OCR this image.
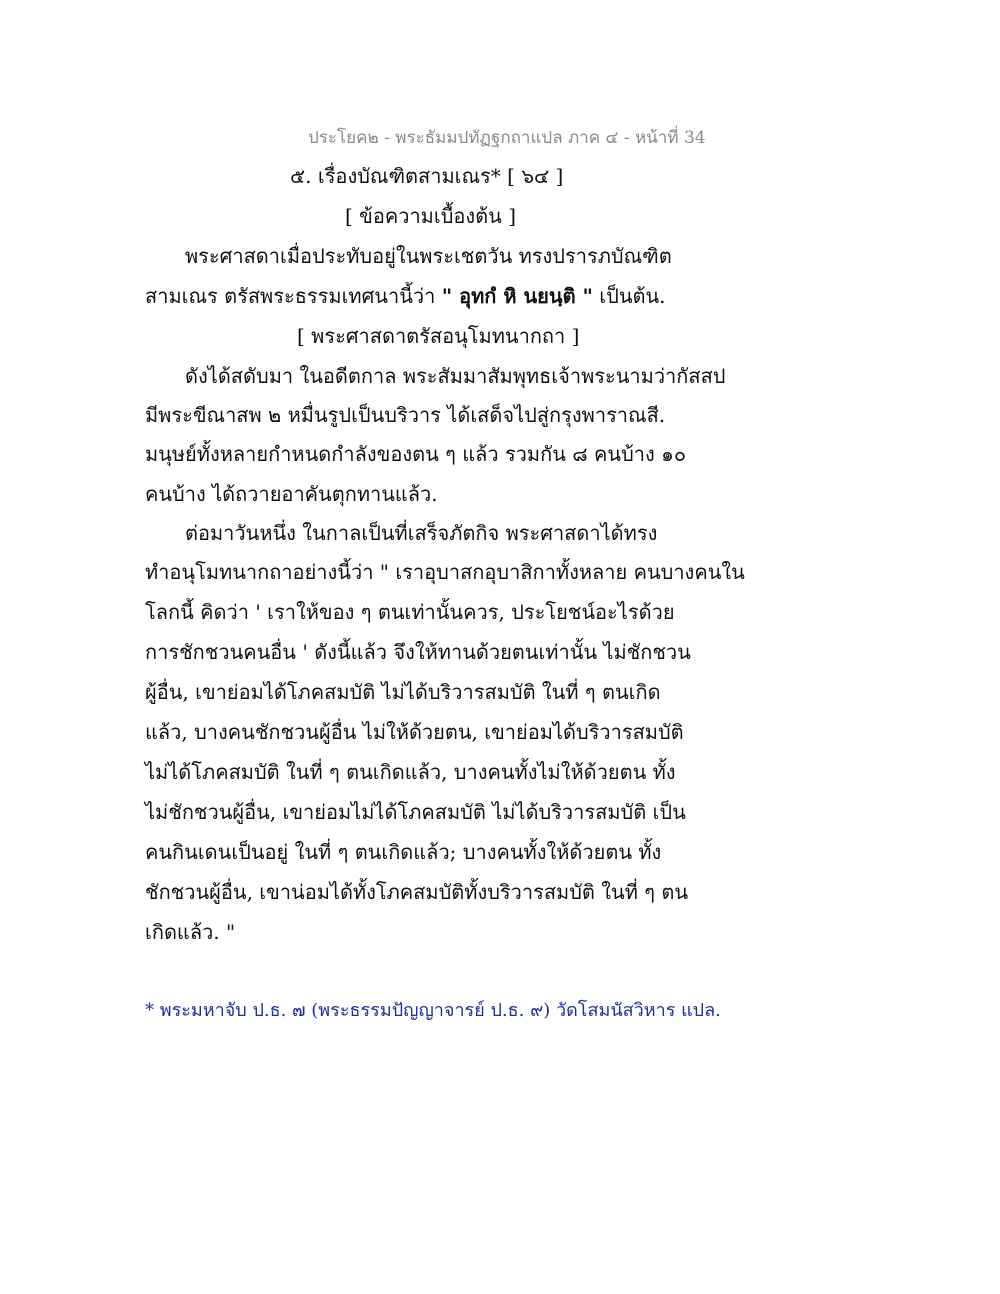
ประโยค๒ - พระธัมมปทัฏฐกถาแปล ภาค ๔ - หน้าที่ 34
๕. เรื่องบัณฑิตสามเณร* [ ๖๔ ]
[ ข้อความเบื้องต้น ]
พระศาสดาเมื่อประทับอยู่ในพระเชตวัน ทรงปรารภบัณฑิต
สามเณร ตรัสพระธรรมเทศนานี้ว่า " อุทกํ หิ นยนฺติ " เป็นต้น.
[ พระศาสดาตรัสอนุโมทนากถา ]
ดังได้สดับมา ในอดีตกาล พระสัมมาสัมพุทธเจ้าพระนามว่ากัสสป
มีพระขีณาสพ ๒ หมื่นรูปเป็นบริวาร ได้เสด็จไปสู่กรุงพาราณสี.
มนุษย์ทั้งหลายกำหนดกำลังของตน ๆ แล้ว รวมกัน ๘ คนบ้าง ๑๐
คนบ้าง ได้ถวายอาคันตุกทานแล้ว.
ต่อมาวันหนึ่ง ในกาลเป็นที่เสร็จภัตกิจ พระศาสดาได้ทรง
ทำอนุโมทนากถาอย่างนี้ว่า " เราอุบาสกอุบาสิกาทั้งหลาย คนบางคนใน
โลกนี้ คิดว่า ' เราให้ของ ๆ ตนเท่านั้นควร, ประโยชน์อะไรด้วย
การชักชวนคนอื่น ' ดังนี้แล้ว จึงให้ทานด้วยตนเท่านั้น ไม่ชักชวน
ผู้อื่น, เขาย่อมได้โภคสมบัติ ไม่ได้บริวารสมบัติ ในที่ ๆ ตนเกิด
แล้ว, บางคนชักชวนผู้อื่น ไม่ให้ด้วยตน, เขาย่อมได้บริวารสมบัติ
ไม่ได้โภคสมบัติ ในที่ ๆ ตนเกิดแล้ว, บางคนทั้งไม่ให้ด้วยตน ทั้ง
ไม่ชักชวนผู้อื่น, เขาย่อมไม่ได้โภคสมบัติ ไม่ได้บริวารสมบัติ เป็น
คนกินเดนเป็นอยู่ ในที่ ๆ ตนเกิดแล้ว; บางคนทั้งให้ด้วยตน ทั้ง
ชักชวนผู้อื่น, เขาน่อมได้ทั้งโภคสมบัติทั้งบริวารสมบัติ ในที่ ๆ ตน
เกิดแล้ว. "
* พระมหาจับ ป.ธ. ๗ (พระธรรมปัญญาจารย์ ป.ธ. ๙) วัดโสมนัสวิหาร แปล.
